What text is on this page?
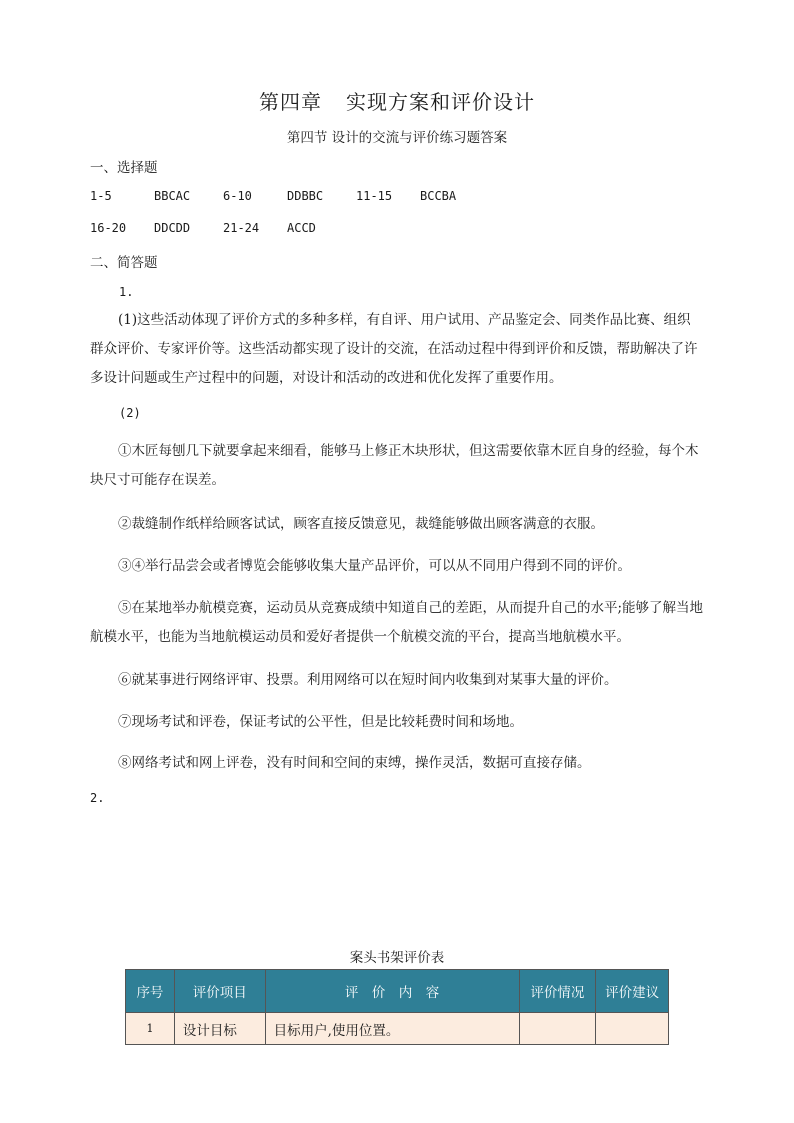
第四章 实现方案和评价设计
第四节 设计的交流与评价练习题答案
一、选择题
1-5	BBCAC	6-10	DDBBC	11-15 BCCBA
16-20 DDCDD	21-24 ACCD
二、简答题
1.
(1)这些活动体现了评价方式的多种多样，有自评、用户试用、产品鉴定会、同类作品比赛、组织群众评价、专家评价等。这些活动都实现了设计的交流，在活动过程中得到评价和反馈，帮助解决了许多设计问题或生产过程中的问题，对设计和活动的改进和优化发挥了重要作用。
(2)
①木匠每刨几下就要拿起来细看，能够马上修正木块形状，但这需要依靠木匠自身的经验，每个木块尺寸可能存在误差。
②裁缝制作纸样给顾客试试，顾客直接反馈意见，裁缝能够做出顾客满意的衣服。
③④举行品尝会或者博览会能够收集大量产品评价，可以从不同用户得到不同的评价。
⑤在某地举办航模竞赛，运动员从竞赛成绩中知道自己的差距，从而提升自己的水平;能够了解当地航模水平，也能为当地航模运动员和爱好者提供一个航模交流的平台，提高当地航模水平。
⑥就某事进行网络评审、投票。利用网络可以在短时间内收集到对某事大量的评价。
⑦现场考试和评卷，保证考试的公平性，但是比较耗费时间和场地。
⑧网络考试和网上评卷，没有时间和空间的束缚，操作灵活，数据可直接存储。
2.
案头书架评价表
序号	评价项目	评　价　内　容	评价情况	评价建议
1	设计目标	目标用户,使用位置。		
